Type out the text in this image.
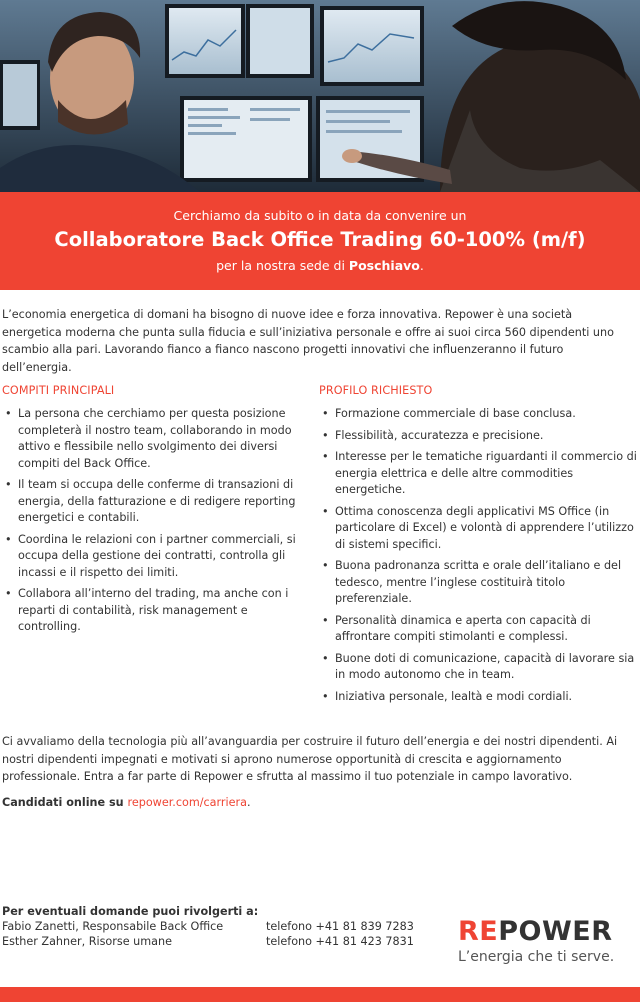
Cerchiamo da subito o in data da convenire un
Collaboratore Back Office Trading 60-100% (m/f)
per la nostra sede di Poschiavo.

L’economia energetica di domani ha bisogno di nuove idee e forza innovativa. Repower è una società energetica moderna che punta sulla fiducia e sull’iniziativa personale e offre ai suoi circa 560 dipendenti uno scambio alla pari. Lavorando fianco a fianco nascono progetti innovativi che influenzeranno il futuro dell’energia.

COMPITI PRINCIPALI
• La persona che cerchiamo per questa posizione completerà il nostro team, collaborando in modo attivo e flessibile nello svolgimento dei diversi compiti del Back Office.
• Il team si occupa delle conferme di transazioni di energia, della fatturazione e di redigere reporting energetici e contabili.
• Coordina le relazioni con i partner commerciali, si occupa della gestione dei contratti, controlla gli incassi e il rispetto dei limiti.
• Collabora all’interno del trading, ma anche con i reparti di contabilità, risk management e controlling.
PROFILO RICHIESTO
• Formazione commerciale di base conclusa.
• Flessibilità, accuratezza e precisione.
• Interesse per le tematiche riguardanti il commercio di energia elettrica e delle altre commodities energetiche.
• Ottima conoscenza degli applicativi MS Office (in particolare di Excel) e volontà di apprendere l’utilizzo di sistemi specifici.
• Buona padronanza scritta e orale dell’italiano e del tedesco, mentre l’inglese costituirà titolo preferenziale.
• Personalità dinamica e aperta con capacità di affrontare compiti stimolanti e complessi.
• Buone doti di comunicazione, capacità di lavorare sia in modo autonomo che in team.
• Iniziativa personale, lealtà e modi cordiali.

Ci avvaliamo della tecnologia più all’avanguardia per costruire il futuro dell’energia e dei nostri dipendenti. Ai nostri dipendenti impegnati e motivati si aprono numerose opportunità di crescita e aggiornamento professionale. Entra a far parte di Repower e sfrutta al massimo il tuo potenziale in campo lavorativo.

Candidati online su repower.com/carriera.

Per eventuali domande puoi rivolgerti a:
Fabio Zanetti, Responsabile Back Office	telefono +41 81 839 7283
Esther Zahner, Risorse umane	telefono +41 81 423 7831 REPOWER
L’energia che ti serve.
